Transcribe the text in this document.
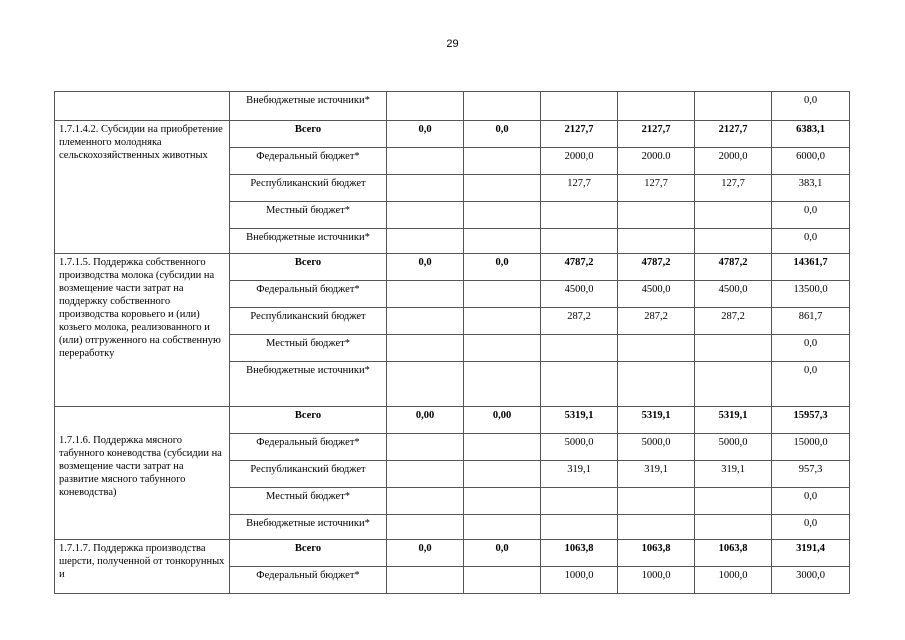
29
	Внебюджетные источники*						0,0
1.7.1.4.2. Субсидии на приобретение племенного молодняка сельскохозяйственных животных	Всего	0,0	0,0	2127,7	2127,7	2127,7	6383,1
	Федеральный бюджет*			2000,0	2000.0	2000,0	6000,0
	Республиканский бюджет			127,7	127,7	127,7	383,1
	Местный бюджет*						0,0
	Внебюджетные источники*						0,0
1.7.1.5. Поддержка собственного производства молока (субсидии на возмещение части затрат на поддержку собственного производства коровьего и (или) козьего молока, реализованного и (или) отгруженного на собственную переработку	Всего	0,0	0,0	4787,2	4787,2	4787,2	14361,7
	Федеральный бюджет*			4500,0	4500,0	4500,0	13500,0
	Республиканский бюджет			287,2	287,2	287,2	861,7
	Местный бюджет*						0,0
	Внебюджетные источники*						0,0
1.7.1.6. Поддержка мясного табунного коневодства (субсидии на возмещение части затрат на развитие мясного табунного коневодства)	Всего	0,00	0,00	5319,1	5319,1	5319,1	15957,3
	Федеральный бюджет*			5000,0	5000,0	5000,0	15000,0
	Республиканский бюджет			319,1	319,1	319,1	957,3
	Местный бюджет*						0,0
	Внебюджетные источники*						0,0
1.7.1.7. Поддержка производства шерсти, полученной от тонкорунных и	Всего	0,0	0,0	1063,8	1063,8	1063,8	3191,4
	Федеральный бюджет*			1000,0	1000,0	1000,0	3000,0
